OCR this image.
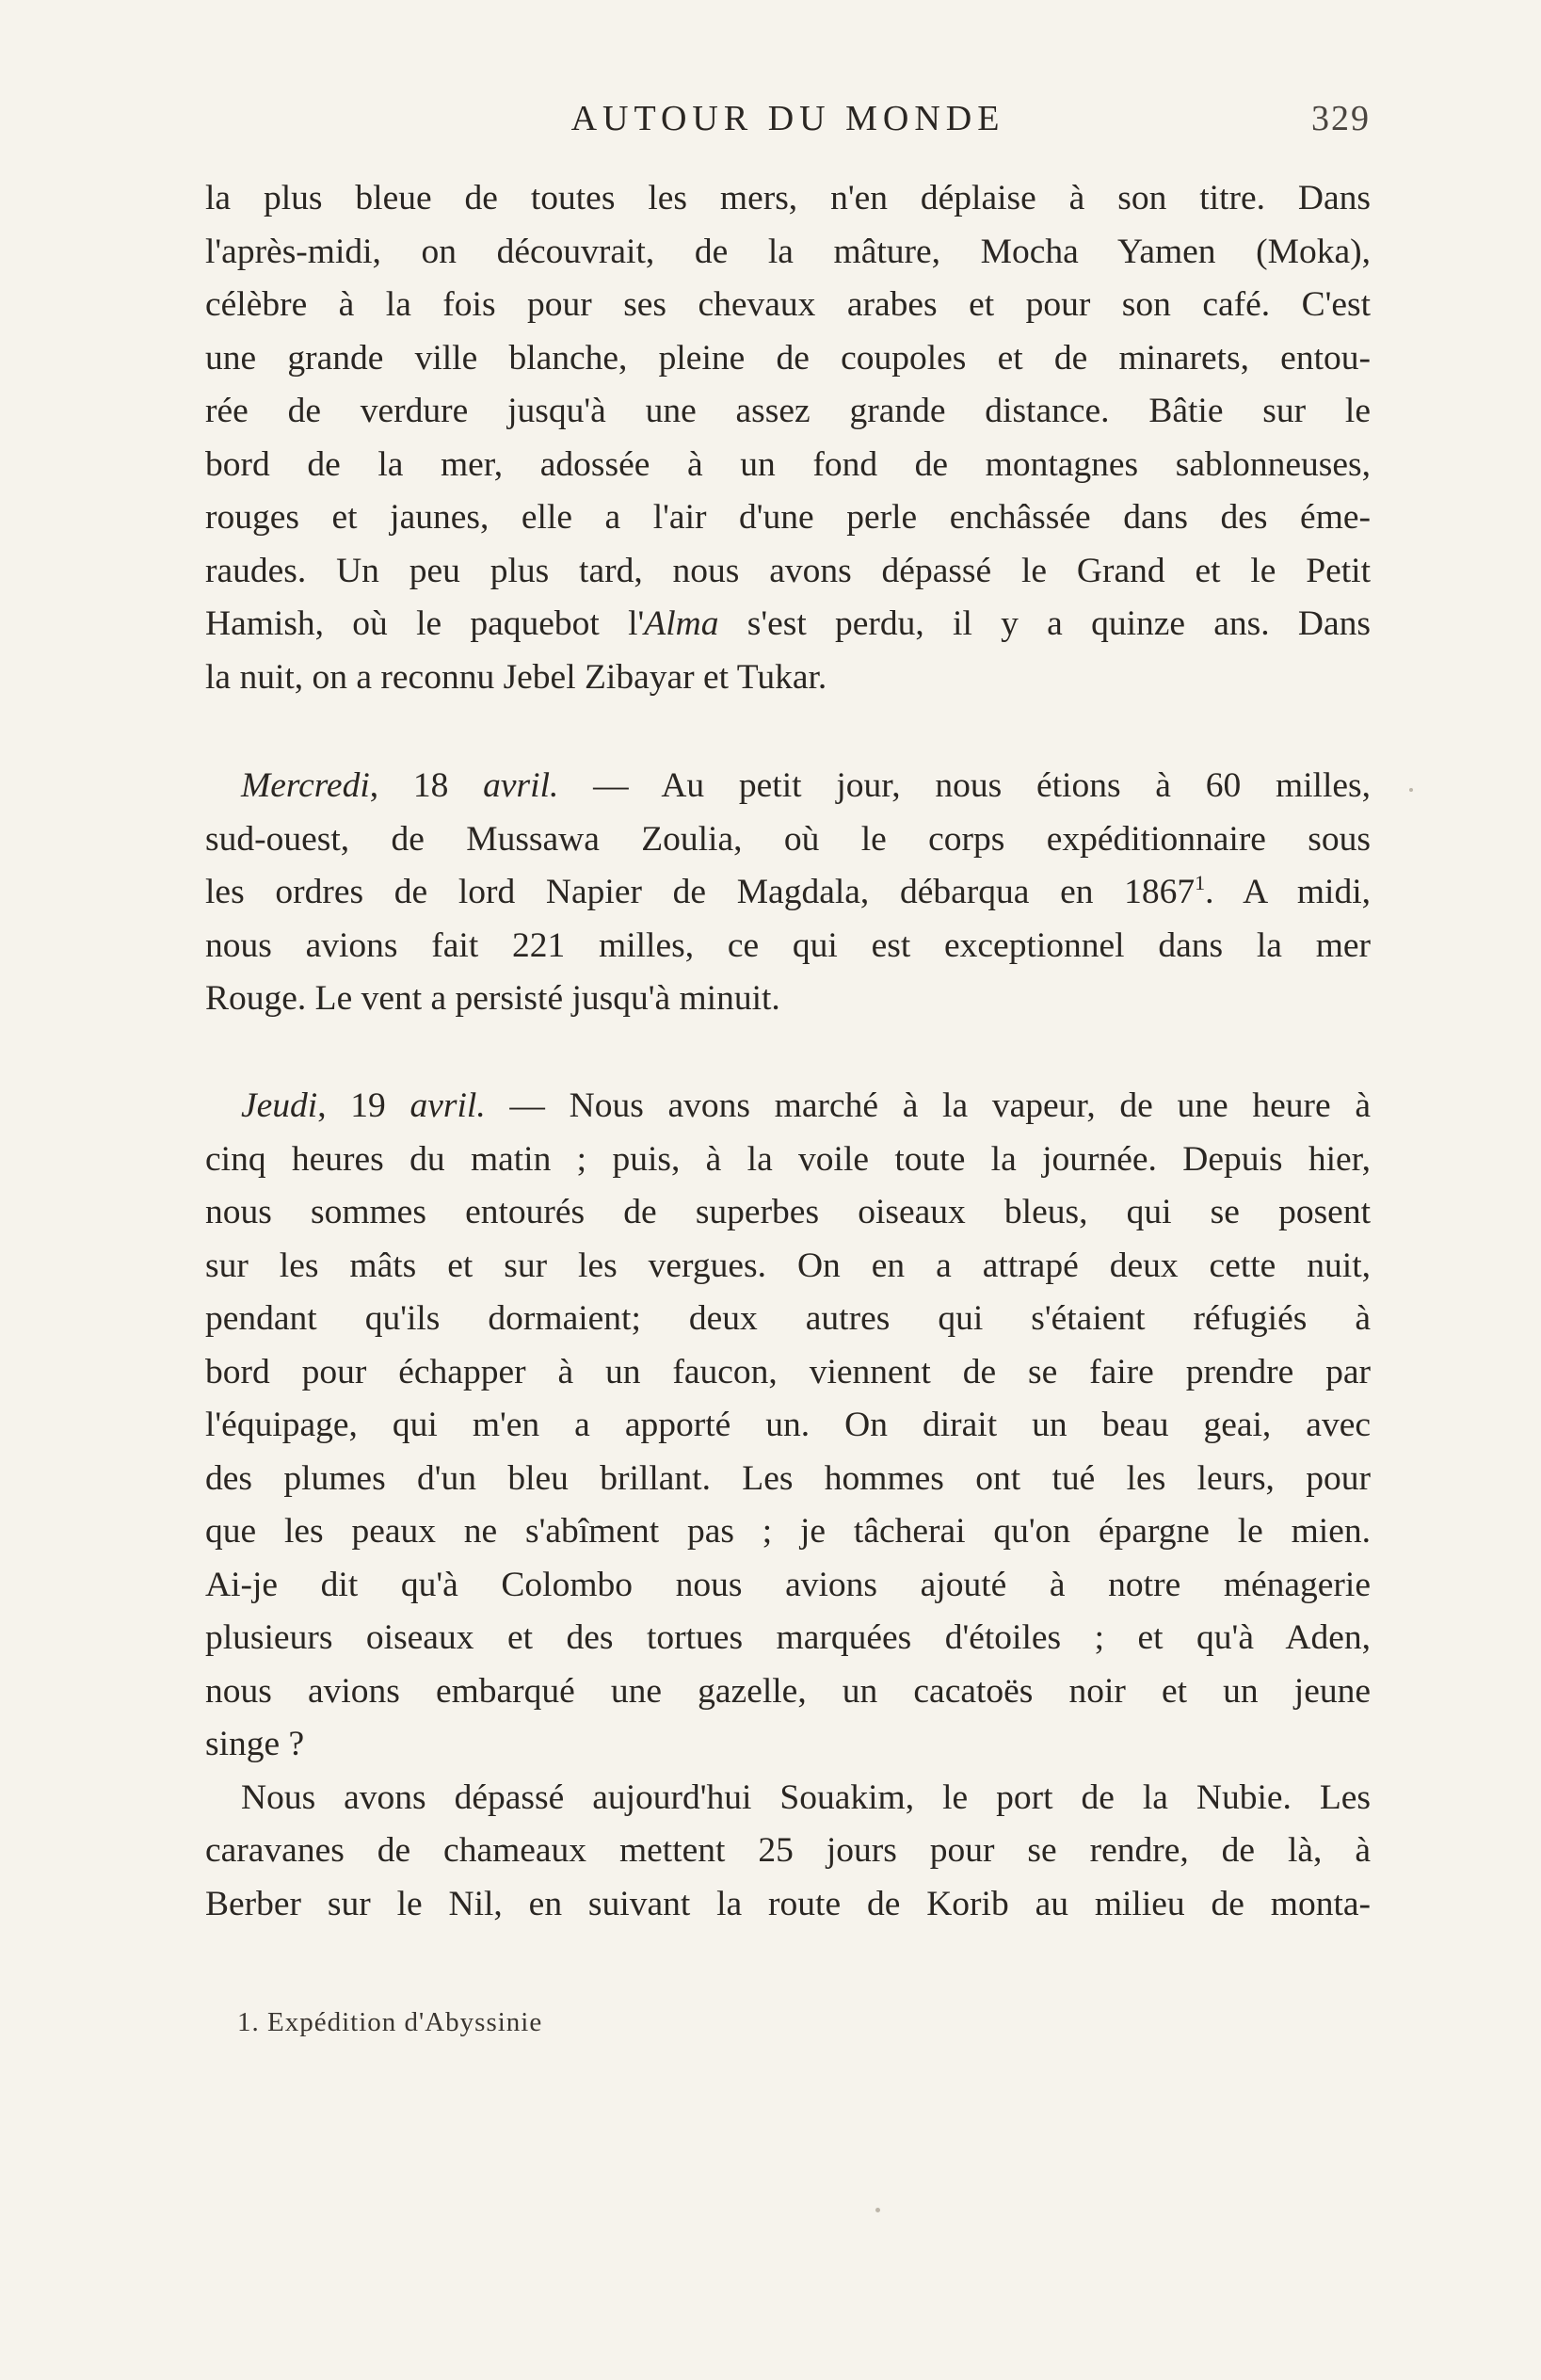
AUTOUR DU MONDE	329
la plus bleue de toutes les mers, n'en déplaise à son titre. Dans
l'après-midi, on découvrait, de la mâture, Mocha Yamen (Moka),
célèbre à la fois pour ses chevaux arabes et pour son café. C'est
une grande ville blanche, pleine de coupoles et de minarets, entou-
rée de verdure jusqu'à une assez grande distance. Bâtie sur le
bord de la mer, adossée à un fond de montagnes sablonneuses,
rouges et jaunes, elle a l'air d'une perle enchâssée dans des éme-
raudes. Un peu plus tard, nous avons dépassé le Grand et le Petit
Hamish, où le paquebot l'Alma s'est perdu, il y a quinze ans. Dans
la nuit, on a reconnu Jebel Zibayar et Tukar.
Mercredi, 18 avril. — Au petit jour, nous étions à 60 milles,
sud-ouest, de Mussawa Zoulia, où le corps expéditionnaire sous
les ordres de lord Napier de Magdala, débarqua en 1867$^1$. A midi,
nous avions fait 221 milles, ce qui est exceptionnel dans la mer
Rouge. Le vent a persisté jusqu'à minuit.
Jeudi, 19 avril. — Nous avons marché à la vapeur, de une heure à
cinq heures du matin ; puis, à la voile toute la journée. Depuis hier,
nous sommes entourés de superbes oiseaux bleus, qui se posent
sur les mâts et sur les vergues. On en a attrapé deux cette nuit,
pendant qu'ils dormaient; deux autres qui s'étaient réfugiés à
bord pour échapper à un faucon, viennent de se faire prendre par
l'équipage, qui m'en a apporté un. On dirait un beau geai, avec
des plumes d'un bleu brillant. Les hommes ont tué les leurs, pour
que les peaux ne s'abîment pas ; je tâcherai qu'on épargne le mien.
Ai-je dit qu'à Colombo nous avions ajouté à notre ménagerie
plusieurs oiseaux et des tortues marquées d'étoiles ; et qu'à Aden,
nous avions embarqué une gazelle, un cacatoës noir et un jeune
singe ?
Nous avons dépassé aujourd'hui Souakim, le port de la Nubie. Les
caravanes de chameaux mettent 25 jours pour se rendre, de là, à
Berber sur le Nil, en suivant la route de Korib au milieu de monta-
1. Expédition d'Abyssinie
